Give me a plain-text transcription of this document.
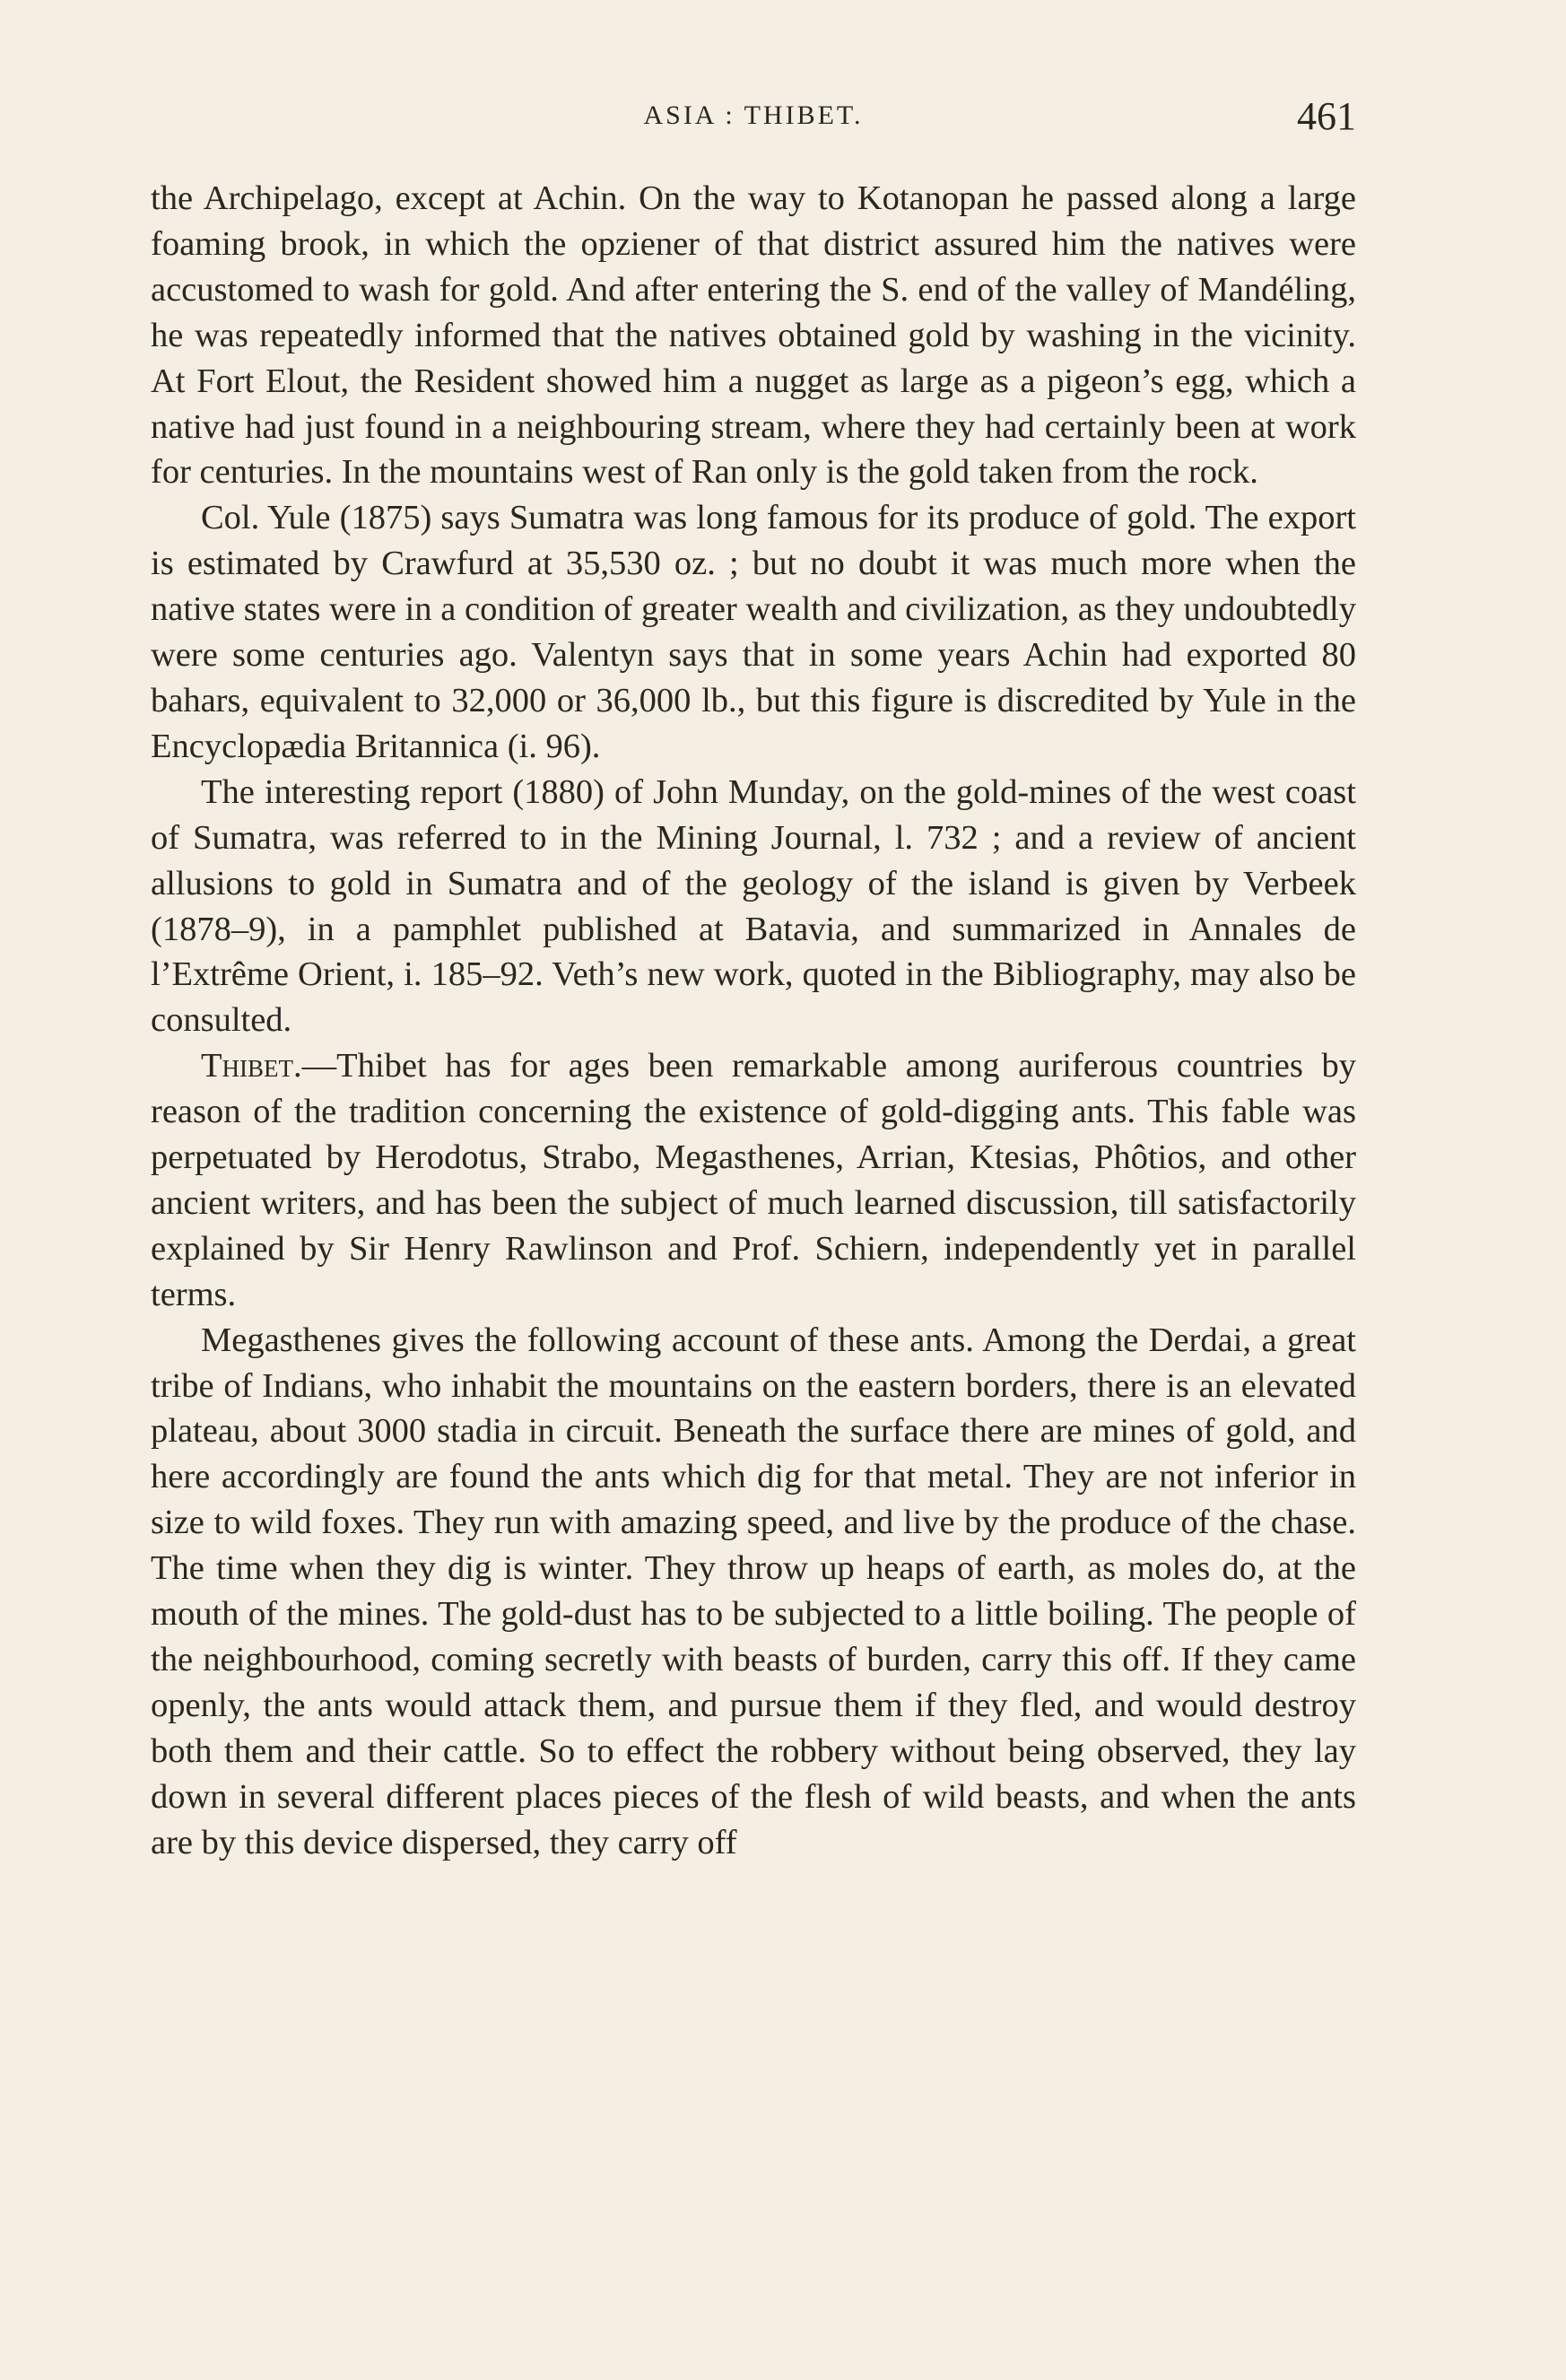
ASIA : THIBET.	461

the Archipelago, except at Achin. On the way to Kotanopan he passed along a large foaming brook, in which the opziener of that district assured him the natives were accustomed to wash for gold. And after entering the S. end of the valley of Mandéling, he was repeatedly informed that the natives obtained gold by washing in the vicinity. At Fort Elout, the Resident showed him a nugget as large as a pigeon’s egg, which a native had just found in a neighbouring stream, where they had certainly been at work for centuries. In the mountains west of Ran only is the gold taken from the rock.

Col. Yule (1875) says Sumatra was long famous for its produce of gold. The export is estimated by Crawfurd at 35,530 oz. ; but no doubt it was much more when the native states were in a condition of greater wealth and civilization, as they undoubtedly were some centuries ago. Valentyn says that in some years Achin had exported 80 bahars, equivalent to 32,000 or 36,000 lb., but this figure is discredited by Yule in the Encyclopædia Britannica (i. 96).

The interesting report (1880) of John Munday, on the gold-mines of the west coast of Sumatra, was referred to in the Mining Journal, l. 732 ; and a review of ancient allusions to gold in Sumatra and of the geology of the island is given by Verbeek (1878–9), in a pamphlet published at Batavia, and summarized in Annales de l’Extrême Orient, i. 185–92. Veth’s new work, quoted in the Bibliography, may also be consulted.

Thibet.—Thibet has for ages been remarkable among auriferous countries by reason of the tradition concerning the existence of gold-digging ants. This fable was perpetuated by Herodotus, Strabo, Megasthenes, Arrian, Ktesias, Phôtios, and other ancient writers, and has been the subject of much learned discussion, till satisfactorily explained by Sir Henry Rawlinson and Prof. Schiern, independently yet in parallel terms.

Megasthenes gives the following account of these ants. Among the Derdai, a great tribe of Indians, who inhabit the mountains on the eastern borders, there is an elevated plateau, about 3000 stadia in circuit. Beneath the surface there are mines of gold, and here accordingly are found the ants which dig for that metal. They are not inferior in size to wild foxes. They run with amazing speed, and live by the produce of the chase. The time when they dig is winter. They throw up heaps of earth, as moles do, at the mouth of the mines. The gold-dust has to be subjected to a little boiling. The people of the neighbourhood, coming secretly with beasts of burden, carry this off. If they came openly, the ants would attack them, and pursue them if they fled, and would destroy both them and their cattle. So to effect the robbery without being observed, they lay down in several different places pieces of the flesh of wild beasts, and when the ants are by this device dispersed, they carry off
